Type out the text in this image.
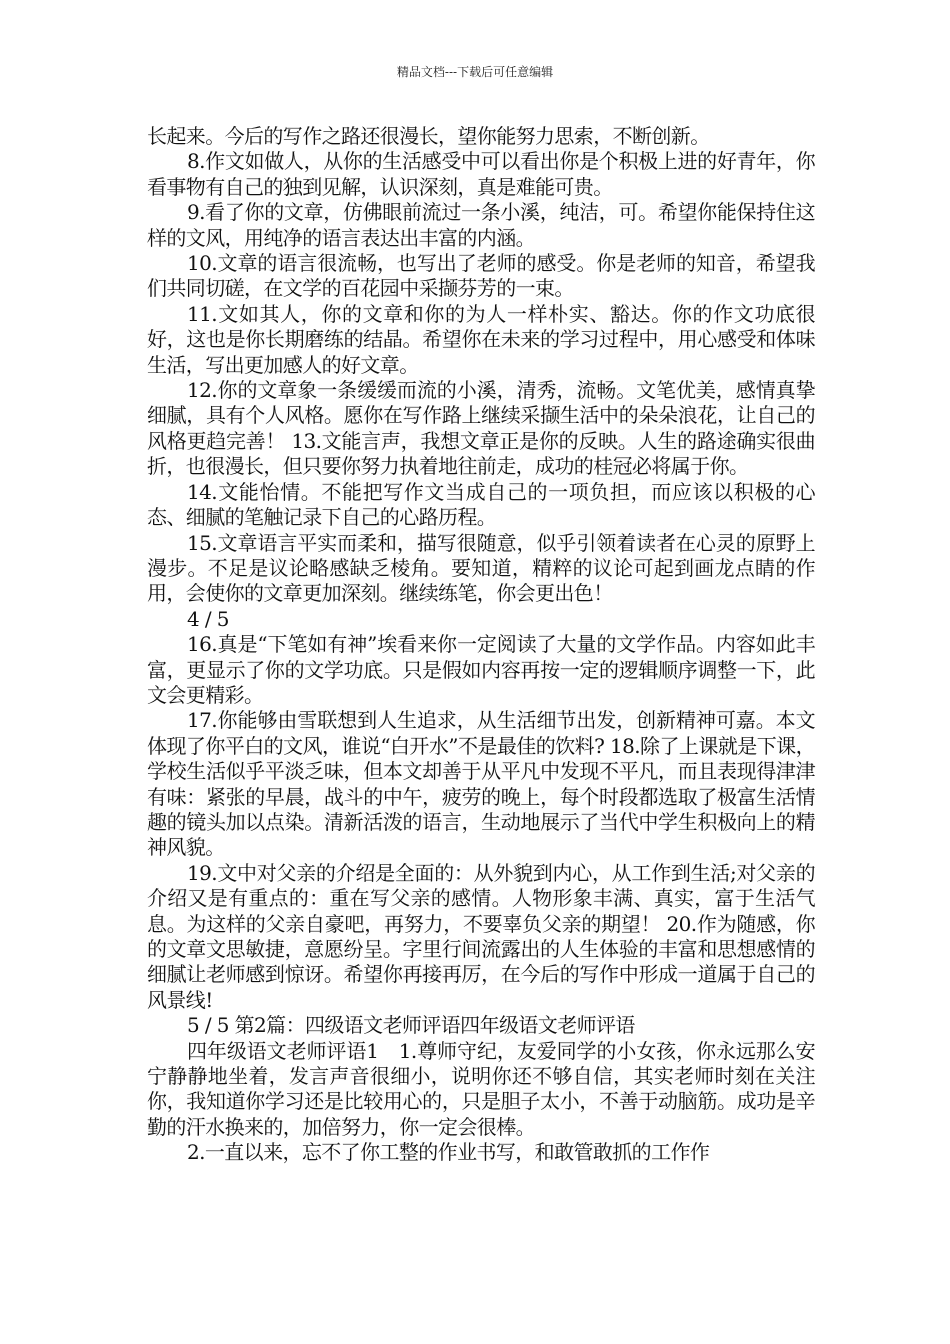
精品文档---下载后可任意编辑

长起来。今后的写作之路还很漫长，望你能努力思索，不断创新。

8.作文如做人，从你的生活感受中可以看出你是个积极上进的好青年，你看事物有自己的独到见解，认识深刻，真是难能可贵。

9.看了你的文章，仿佛眼前流过一条小溪，纯洁，可。希望你能保持住这样的文风，用纯净的语言表达出丰富的内涵。

10.文章的语言很流畅，也写出了老师的感受。你是老师的知音，希望我们共同切磋，在文学的百花园中采撷芬芳的一束。

11.文如其人，你的文章和你的为人一样朴实、豁达。你的作文功底很好，这也是你长期磨练的结晶。希望你在未来的学习过程中，用心感受和体味生活，写出更加感人的好文章。

12.你的文章象一条缓缓而流的小溪，清秀，流畅。文笔优美，感情真挚细腻，具有个人风格。愿你在写作路上继续采撷生活中的朵朵浪花，让自己的风格更趋完善！ 13.文能言声，我想文章正是你的反映。人生的路途确实很曲折，也很漫长，但只要你努力执着地往前走，成功的桂冠必将属于你。

14.文能怡情。不能把写作文当成自己的一项负担，而应该以积极的心态、细腻的笔触记录下自己的心路历程。

15.文章语言平实而柔和，描写很随意，似乎引领着读者在心灵的原野上漫步。不足是议论略感缺乏棱角。要知道，精粹的议论可起到画龙点睛的作用，会使你的文章更加深刻。继续练笔，你会更出色！

4 / 5

16.真是“下笔如有神”埃看来你一定阅读了大量的文学作品。内容如此丰富，更显示了你的文学功底。只是假如内容再按一定的逻辑顺序调整一下，此文会更精彩。

17.你能够由雪联想到人生追求，从生活细节出发，创新精神可嘉。本文体现了你平白的文风，谁说“白开水”不是最佳的饮料? 18.除了上课就是下课，学校生活似乎平淡乏味，但本文却善于从平凡中发现不平凡，而且表现得津津有味：紧张的早晨，战斗的中午，疲劳的晚上，每个时段都选取了极富生活情趣的镜头加以点染。清新活泼的语言，生动地展示了当代中学生积极向上的精神风貌。

19.文中对父亲的介绍是全面的：从外貌到内心，从工作到生活;对父亲的介绍又是有重点的：重在写父亲的感情。人物形象丰满、真实，富于生活气息。为这样的父亲自豪吧，再努力，不要辜负父亲的期望！ 20.作为随感，你的文章文思敏捷，意愿纷呈。字里行间流露出的人生体验的丰富和思想感情的细腻让老师感到惊讶。希望你再接再厉，在今后的写作中形成一道属于自己的风景线!

5 / 5 第2篇：四级语文老师评语四年级语文老师评语

四年级语文老师评语1　1.尊师守纪，友爱同学的小女孩，你永远那么安宁静静地坐着，发言声音很细小，说明你还不够自信，其实老师时刻在关注你，我知道你学习还是比较用心的，只是胆子太小，不善于动脑筋。成功是辛勤的汗水换来的，加倍努力，你一定会很棒。

2.一直以来，忘不了你工整的作业书写，和敢管敢抓的工作作
